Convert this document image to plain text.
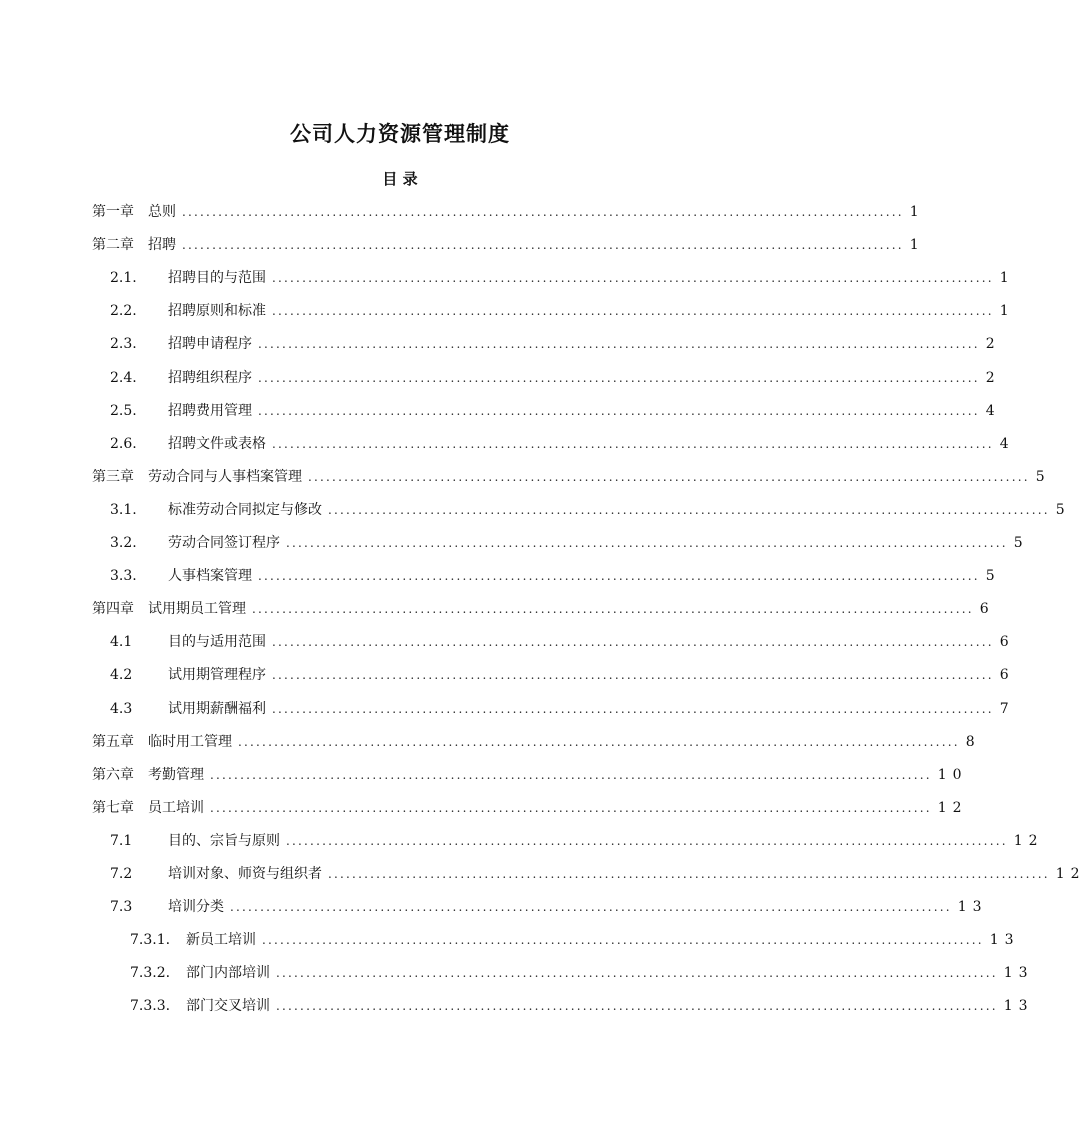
公司人力资源管理制度
目 录
第一章	总则 ........................................................................................................................ 1
第二章	招聘 ........................................................................................................................ 1
2.1.	招聘目的与范围 ........................................................................................................................ 1
2.2.	招聘原则和标准 ........................................................................................................................ 1
2.3.	招聘申请程序 ........................................................................................................................ 2
2.4.	招聘组织程序 ........................................................................................................................ 2
2.5.	招聘费用管理 ........................................................................................................................ 4
2.6.	招聘文件或表格 ........................................................................................................................ 4
第三章	劳动合同与人事档案管理 ........................................................................................................................ 5
3.1.	标准劳动合同拟定与修改 ........................................................................................................................ 5
3.2.	劳动合同签订程序 ........................................................................................................................ 5
3.3.	人事档案管理 ........................................................................................................................ 5
第四章	试用期员工管理 ........................................................................................................................ 6
4.1	目的与适用范围 ........................................................................................................................ 6
4.2	试用期管理程序 ........................................................................................................................ 6
4.3	试用期薪酬福利 ........................................................................................................................ 7
第五章	临时用工管理 ........................................................................................................................ 8
第六章	考勤管理 ........................................................................................................................ 10
第七章	员工培训 ........................................................................................................................ 12
7.1	目的、宗旨与原则 ........................................................................................................................ 12
7.2	培训对象、师资与组织者 ........................................................................................................................ 12
7.3	培训分类 ........................................................................................................................ 13
7.3.1.	新员工培训 ........................................................................................................................ 13
7.3.2.	部门内部培训 ........................................................................................................................ 13
7.3.3.	部门交叉培训 ........................................................................................................................ 13
